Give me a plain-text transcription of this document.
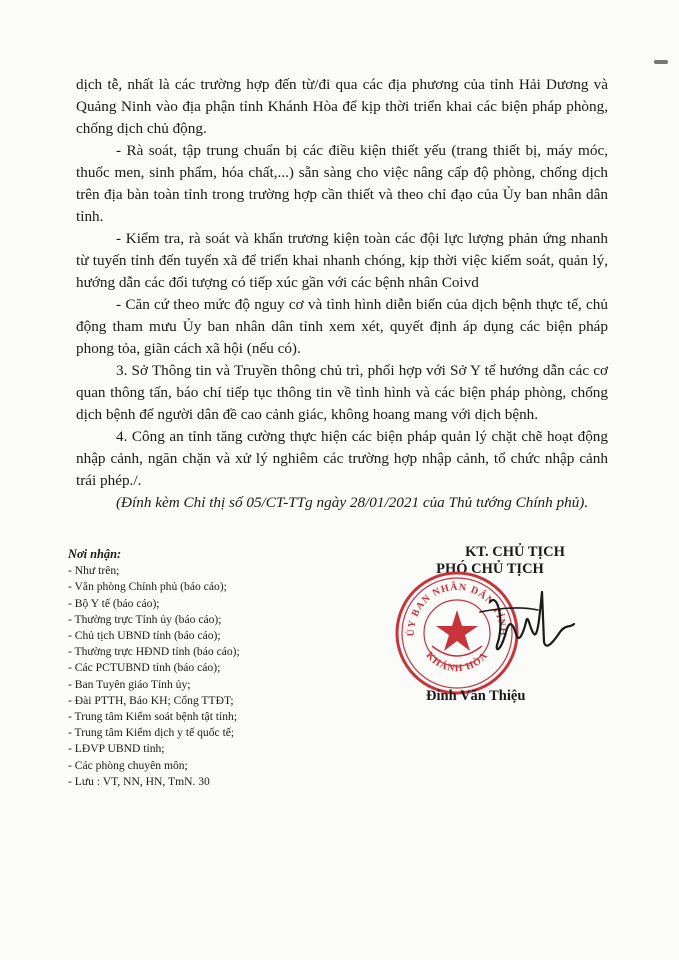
dịch tễ, nhất là các trường hợp đến từ/đi qua các địa phương của tỉnh Hải Dương và Quảng Ninh vào địa phận tỉnh Khánh Hòa để kịp thời triển khai các biện pháp phòng, chống dịch chủ động.

- Rà soát, tập trung chuẩn bị các điều kiện thiết yếu (trang thiết bị, máy móc, thuốc men, sinh phẩm, hóa chất,...) sẵn sàng cho việc nâng cấp độ phòng, chống dịch trên địa bàn toàn tỉnh trong trường hợp cần thiết và theo chỉ đạo của Ủy ban nhân dân tỉnh.

- Kiểm tra, rà soát và khẩn trương kiện toàn các đội lực lượng phản ứng nhanh từ tuyến tỉnh đến tuyến xã để triển khai nhanh chóng, kịp thời việc kiểm soát, quản lý, hướng dẫn các đối tượng có tiếp xúc gần với các bệnh nhân Coivd

- Căn cứ theo mức độ nguy cơ và tình hình diễn biến của dịch bệnh thực tế, chủ động tham mưu Ủy ban nhân dân tỉnh xem xét, quyết định áp dụng các biện pháp phong tỏa, giãn cách xã hội (nếu có).

3. Sở Thông tin và Truyền thông chủ trì, phối hợp với Sở Y tế hướng dẫn các cơ quan thông tấn, báo chí tiếp tục thông tin về tình hình và các biện pháp phòng, chống dịch bệnh để người dân đề cao cảnh giác, không hoang mang với dịch bệnh.

4. Công an tỉnh tăng cường thực hiện các biện pháp quản lý chặt chẽ hoạt động nhập cảnh, ngăn chặn và xử lý nghiêm các trường hợp nhập cảnh, tổ chức nhập cảnh trái phép./.

(Đính kèm Chỉ thị số 05/CT-TTg ngày 28/01/2021 của Thủ tướng Chính phủ).

Nơi nhận:
- Như trên;
- Văn phòng Chính phủ (báo cáo);
- Bộ Y tế (báo cáo);
- Thường trực Tỉnh ủy (báo cáo);
- Chủ tịch UBND tỉnh (báo cáo);
- Thường trực HĐND tỉnh (báo cáo);
- Các PCTUBND tỉnh (báo cáo);
- Ban Tuyên giáo Tỉnh ủy;
- Đài PTTH, Báo KH; Cổng TTĐT;
- Trung tâm Kiểm soát bệnh tật tỉnh;
- Trung tâm Kiểm dịch y tế quốc tế;
- LĐVP UBND tỉnh;
- Các phòng chuyên môn;
- Lưu : VT, NN, HN, TmN. 30
KT. CHỦ TỊCH
PHÓ CHỦ TỊCH
ỦY BAN NHÂN DÂN TỈNH
KHÁNH HÒA
Đinh Văn Thiệu
